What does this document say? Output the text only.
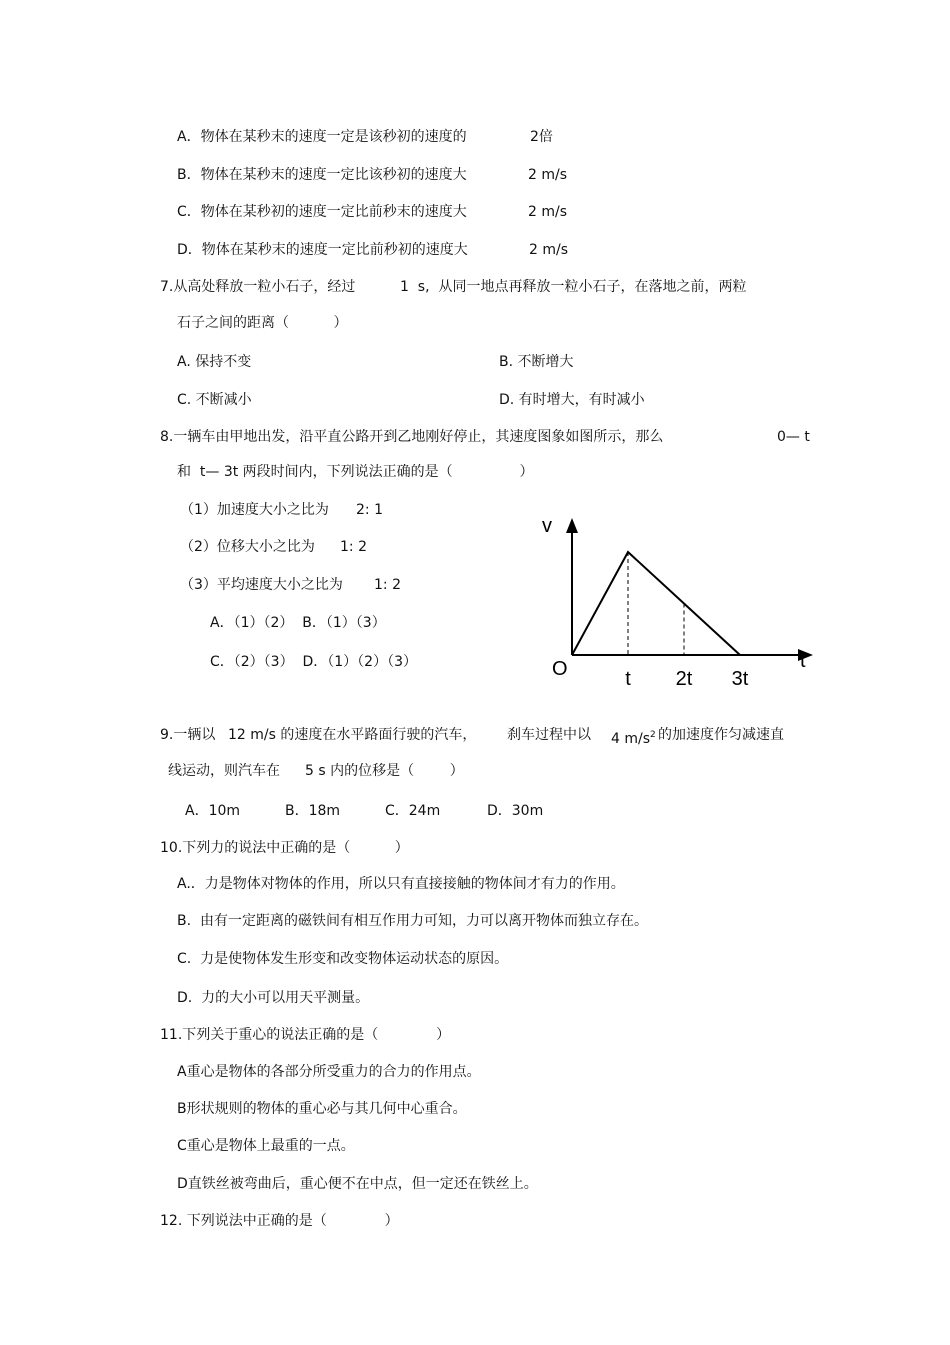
A．物体在某秒末的速度一定是该秒初的速度的

	2倍

B．物体在某秒末的速度一定比该秒初的速度大

	2 m/s

C．物体在某秒初的速度一定比前秒末的速度大

	2 m/s

D．物体在某秒末的速度一定比前秒初的速度大

	2 m/s

7.从高处释放一粒小石子，经过

	1  s,  从同一地点再释放一粒小石子，在落地之前，两粒

石子之间的距离（          ）
A. 保持不变	B. 不断增大
C. 不断减小	D. 有时增大，有时减小

8.一辆车由甲地出发，沿平直公路开到乙地刚好停止，其速度图象如图所示，那么

	0— t

和  t— 3t 两段时间内，下列说法正确的是（               ）

（1）加速度大小之比为

2: 1

（2）位移大小之比为

1: 2

（3）平均速度大小之比为

1: 2

A．（1）（2）  B．（1）（3）
C．（2）（3）  D．（1）（2）（3）
v
t
O	t 2t 3t

9.一辆以

12 m/s 的速度在水平路面行驶的汽车，

刹车过程中以

4 $m/s^2$

的加速度作匀减速直

线运动，则汽车在

5 s 内的位移是（        ）

A．10m	B．18m	C．24m	D．30m
10.下列力的说法中正确的是（          ）
A.．力是物体对物体的作用，所以只有直接接触的物体间才有力的作用。
B.  由有一定距离的磁铁间有相互作用力可知，力可以离开物体而独立存在。
C.  力是使物体发生形变和改变物体运动状态的原因。
D.  力的大小可以用天平测量。
11.下列关于重心的说法正确的是（             ）
A重心是物体的各部分所受重力的合力的作用点。
B形状规则的物体的重心必与其几何中心重合。
C重心是物体上最重的一点。
D直铁丝被弯曲后，重心便不在中点，但一定还在铁丝上。
12. 下列说法中正确的是（             ）
